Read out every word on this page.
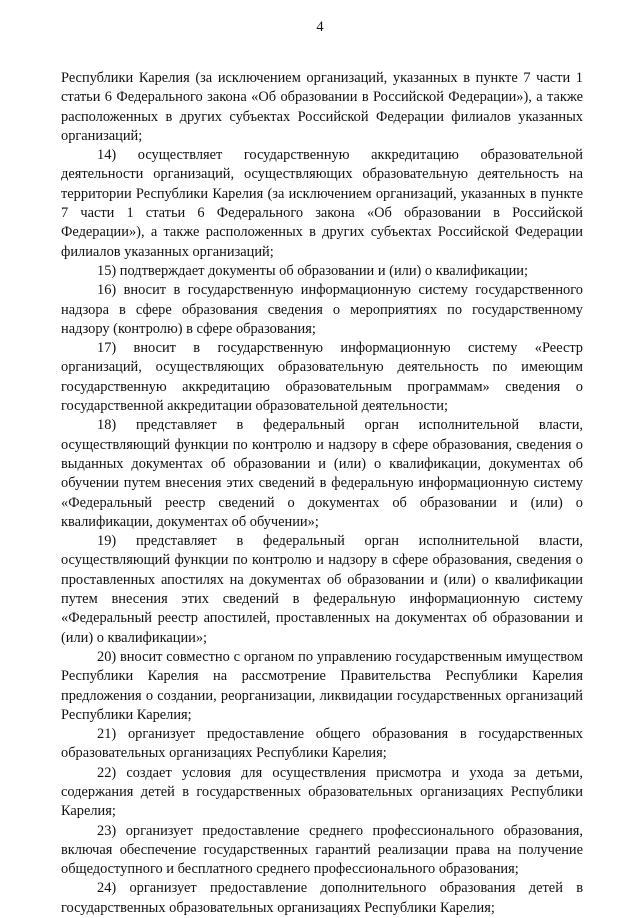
4

Республики Карелия (за исключением организаций, указанных в пункте 7 части 1 статьи 6 Федерального закона «Об образовании в Российской Федерации»), а также расположенных в других субъектах Российской Федерации филиалов указанных организаций;

14) осуществляет государственную аккредитацию образовательной деятельности организаций, осуществляющих образовательную деятельность на территории Республики Карелия (за исключением организаций, указанных в пункте 7 части 1 статьи 6 Федерального закона «Об образовании в Российской Федерации»), а также расположенных в других субъектах Российской Федерации филиалов указанных организаций;

15) подтверждает документы об образовании и (или) о квалификации;

16) вносит в государственную информационную систему государственного надзора в сфере образования сведения о мероприятиях по государственному надзору (контролю) в сфере образования;

17) вносит в государственную информационную систему «Реестр организаций, осуществляющих образовательную деятельность по имеющим государственную аккредитацию образовательным программам» сведения о государственной аккредитации образовательной деятельности;

18) представляет в федеральный орган исполнительной власти, осуществляющий функции по контролю и надзору в сфере образования, сведения о выданных документах об образовании и (или) о квалификации, документах об обучении путем внесения этих сведений в федеральную информационную систему «Федеральный реестр сведений о документах об образовании и (или) о квалификации, документах об обучении»;

19) представляет в федеральный орган исполнительной власти, осуществляющий функции по контролю и надзору в сфере образования, сведения о проставленных апостилях на документах об образовании и (или) о квалификации путем внесения этих сведений в федеральную информационную систему «Федеральный реестр апостилей, проставленных на документах об образовании и (или) о квалификации»;

20) вносит совместно с органом по управлению государственным имуществом Республики Карелия на рассмотрение Правительства Республики Карелия предложения о создании, реорганизации, ликвидации государственных организаций Республики Карелия;

21) организует предоставление общего образования в государственных образовательных организациях Республики Карелия;

22) создает условия для осуществления присмотра и ухода за детьми, содержания детей в государственных образовательных организациях Республики Карелия;

23) организует предоставление среднего профессионального образования, включая обеспечение государственных гарантий реализации права на получение общедоступного и бесплатного среднего профессионального образования;

24) организует предоставление дополнительного образования детей в государственных образовательных организациях Республики Карелия;
